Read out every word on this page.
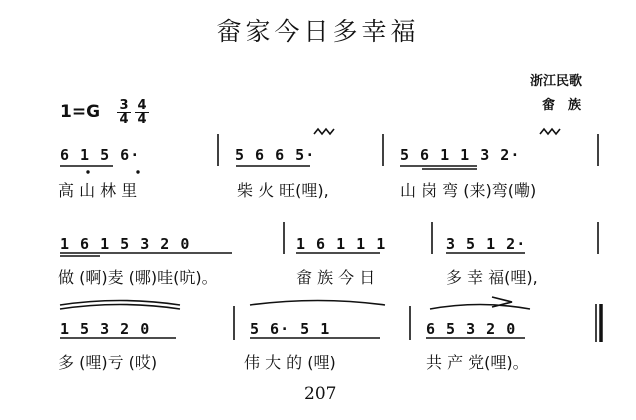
畲家今日多幸福
浙江民歌
畲　族
1=G 3
4
4
4
6 1 5 6·	5 6 6 5·	5 6 1 1 3 2·
高 山 林 里	柴 火 旺(哩),	山 岗 弯 (来)弯(嘞)
1 6 1 5 3 2 0	1 6 1 1 1	3 5 1 2·
做 (啊)麦 (哪)哇(吭)。	畲 族 今 日	多 幸 福(哩),
1 5 3 2 0	5 6· 5 1	6 5 3 2 0
多 (哩)亏 (哎)	伟 大 的 (哩)	共 产 党(哩)。
207
